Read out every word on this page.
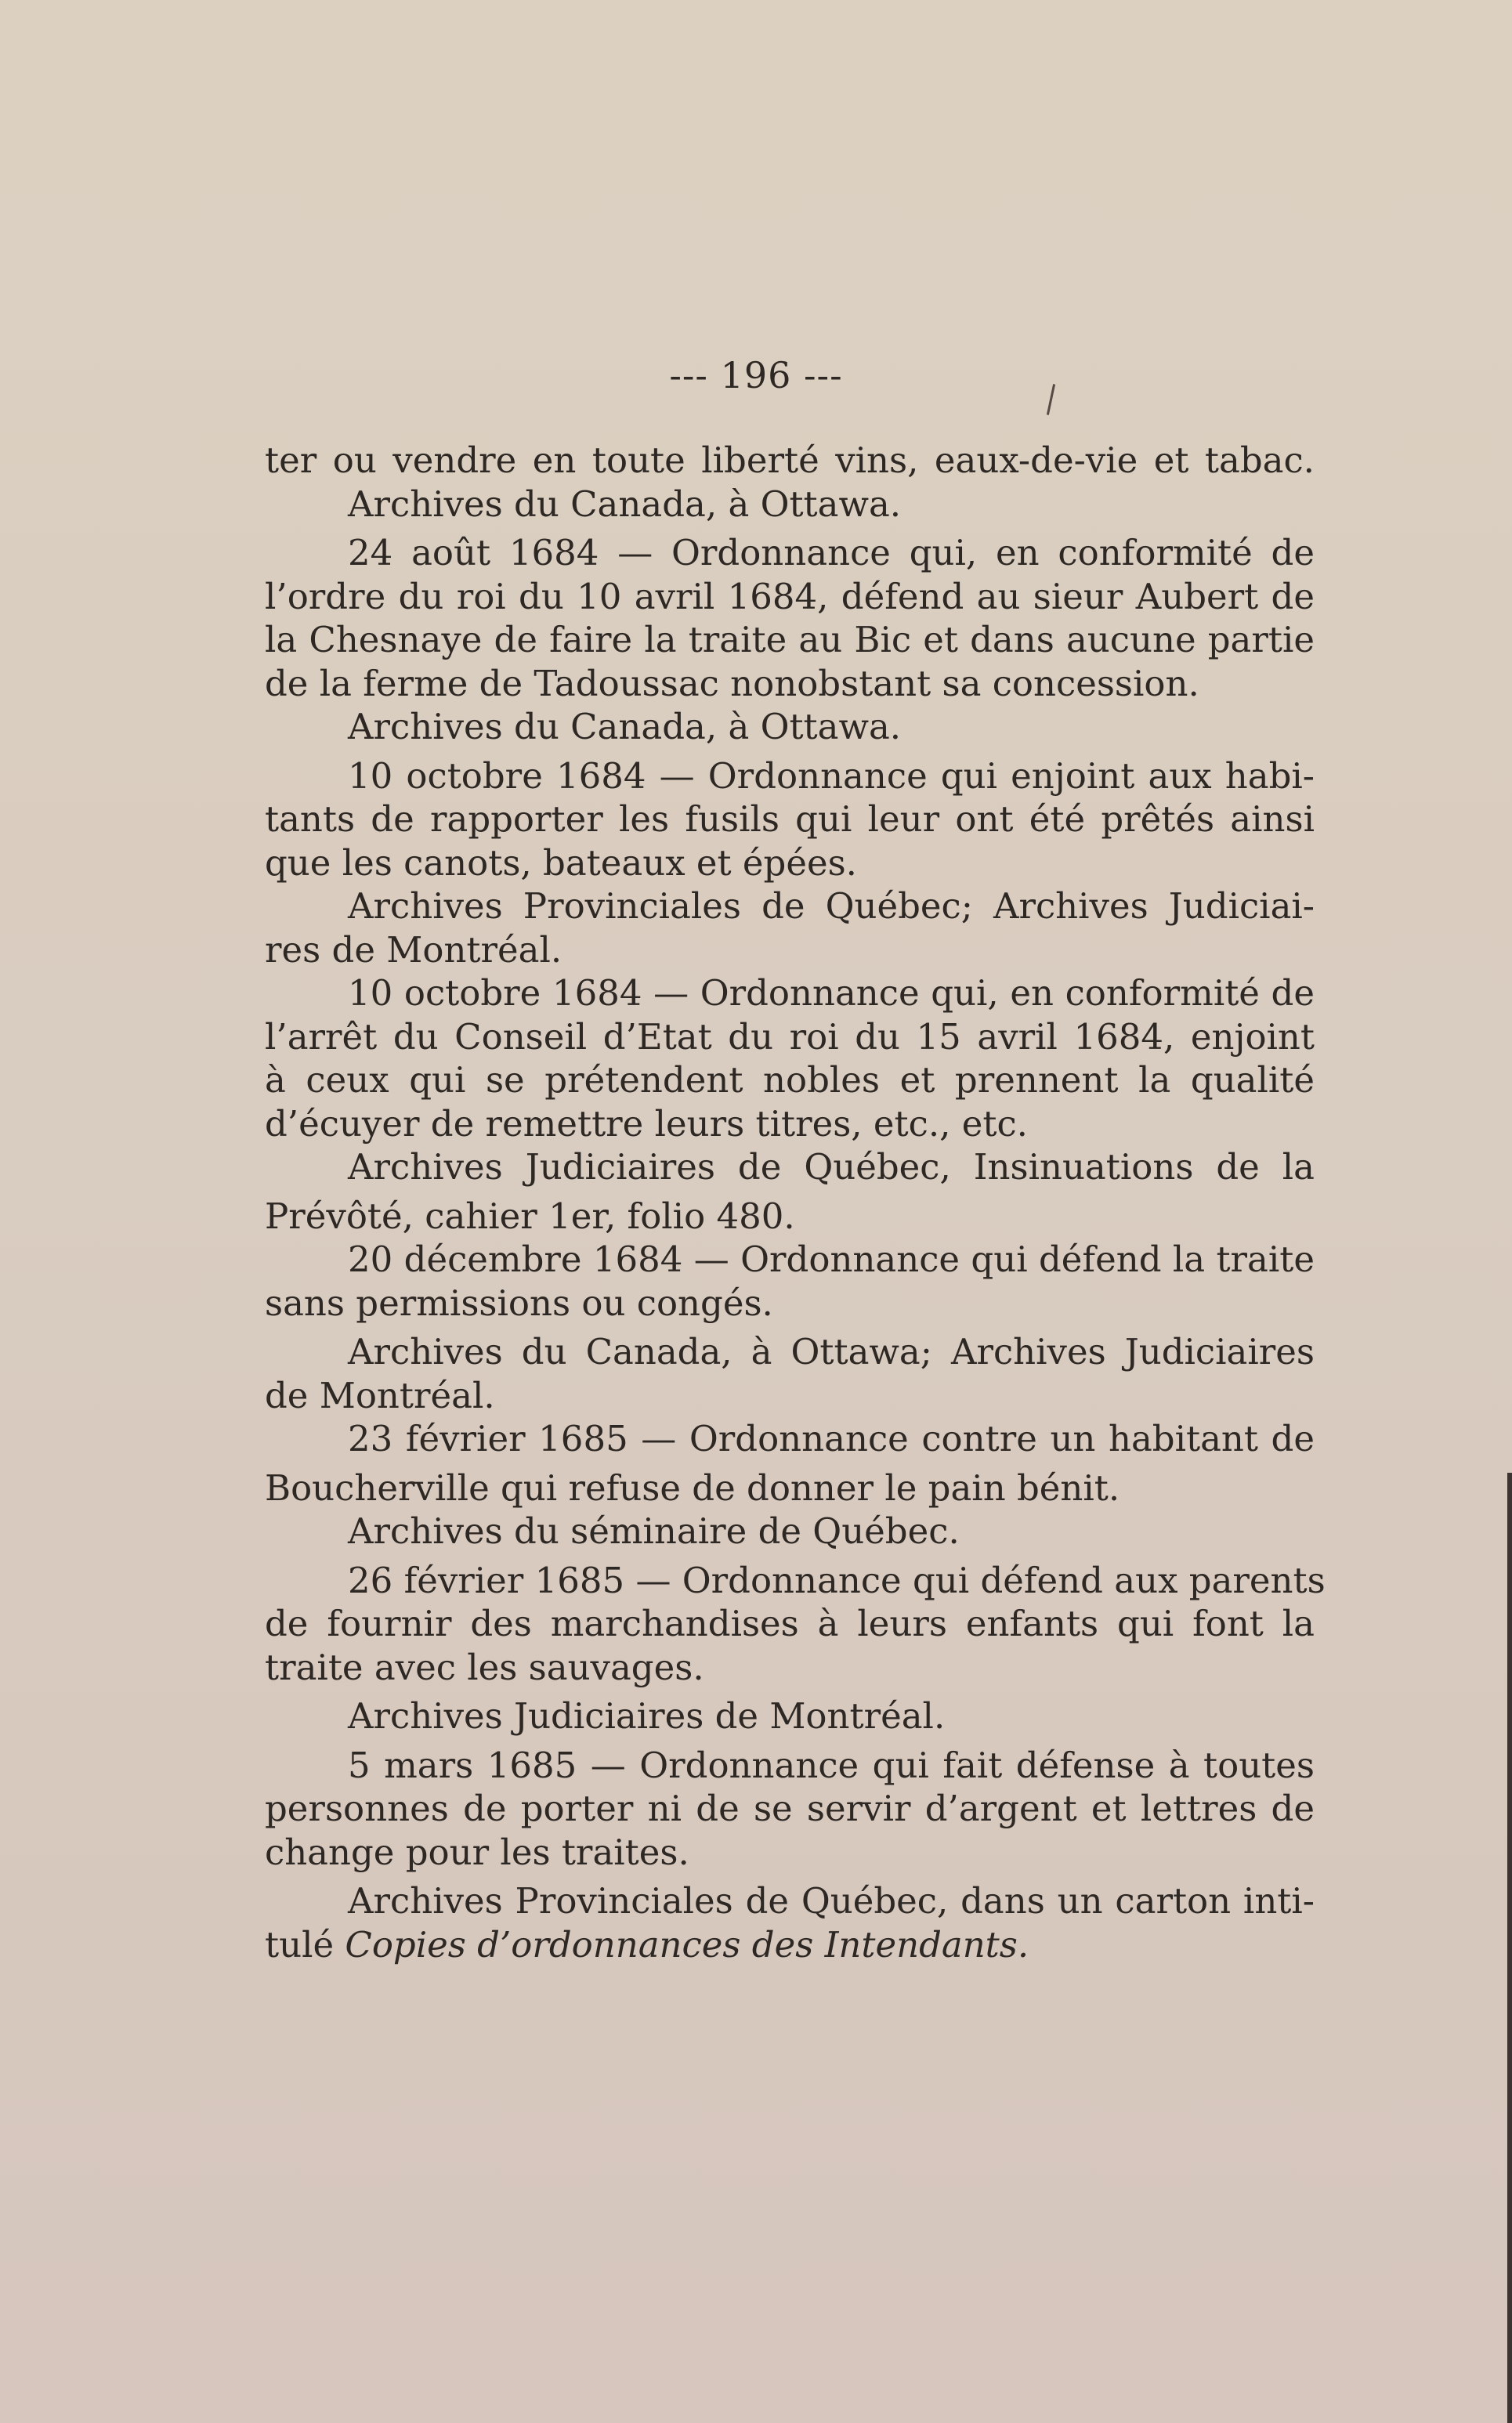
--- 196 ---
ter ou vendre en toute liberté vins, eaux-de-vie et tabac.
Archives du Canada, à Ottawa.
24 août 1684 — Ordonnance qui, en conformité de
l’ordre du roi du 10 avril 1684, défend au sieur Aubert de
la Chesnaye de faire la traite au Bic et dans aucune partie
de la ferme de Tadoussac nonobstant sa concession.
Archives du Canada, à Ottawa.
10 octobre 1684 — Ordonnance qui enjoint aux habi-
tants de rapporter les fusils qui leur ont été prêtés ainsi
que les canots, bateaux et épées.
Archives Provinciales de Québec; Archives Judiciai-
res de Montréal.
10 octobre 1684 — Ordonnance qui, en conformité de
l’arrêt du Conseil d’Etat du roi du 15 avril 1684, enjoint
à ceux qui se prétendent nobles et prennent la qualité
d’écuyer de remettre leurs titres, etc., etc.
Archives Judiciaires de Québec, Insinuations de la
Prévôté, cahier 1er, folio 480.
20 décembre 1684 — Ordonnance qui défend la traite
sans permissions ou congés.
Archives du Canada, à Ottawa; Archives Judiciaires
de Montréal.
23 février 1685 — Ordonnance contre un habitant de
Boucherville qui refuse de donner le pain bénit.
Archives du séminaire de Québec.
26 février 1685 — Ordonnance qui défend aux parents
de fournir des marchandises à leurs enfants qui font la
traite avec les sauvages.
Archives Judiciaires de Montréal.
5 mars 1685 — Ordonnance qui fait défense à toutes
personnes de porter ni de se servir d’argent et lettres de
change pour les traites.
Archives Provinciales de Québec, dans un carton inti-
tulé Copies d’ordonnances des Intendants.
